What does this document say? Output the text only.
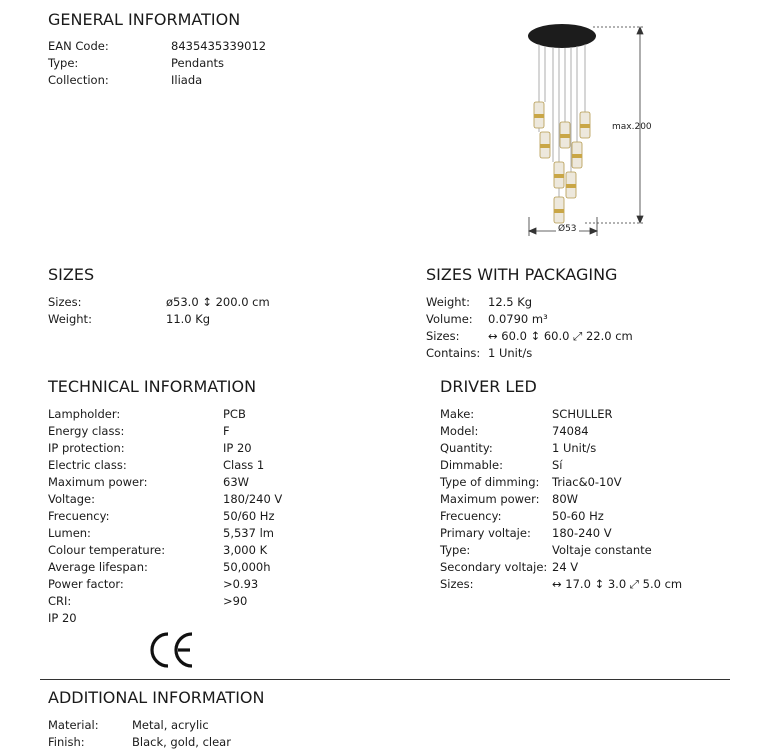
GENERAL INFORMATION
EAN Code:	8435435339012
Type:	Pendants
Collection:	Iliada
max.200
Ø53
SIZES
Sizes:	ø53.0 ↕ 200.0 cm
Weight:	11.0 Kg
SIZES WITH PACKAGING
Weight: 12.5 Kg
Volume: 0.0790 m³
Sizes: ↔ 60.0 ↕ 60.0 ⤢ 22.0 cm
Contains: 1 Unit/s
TECHNICAL INFORMATION
Lampholder:	PCB
Energy class:	F
IP protection:	IP 20
Electric class:	Class 1
Maximum power:	63W
Voltage:	180/240 V
Frecuency:	50/60 Hz
Lumen:	5,537 lm
Colour temperature:	3,000 K
Average lifespan:	50,000h
Power factor:	>0.93
CRI:	>90
IP 20
DRIVER LED
Make:	SCHULLER
Model:	74084
Quantity:	1 Unit/s
Dimmable:	Sí
Type of dimming: Triac&0-10V
Maximum power: 80W
Frecuency:	50-60 Hz
Primary voltaje: 180-240 V
Type:	Voltaje constante
Secondary voltaje: 24 V
Sizes:	↔ 17.0 ↕ 3.0 ⤢ 5.0 cm
ADDITIONAL INFORMATION
Material:	Metal, acrylic
Finish:	Black, gold, clear
